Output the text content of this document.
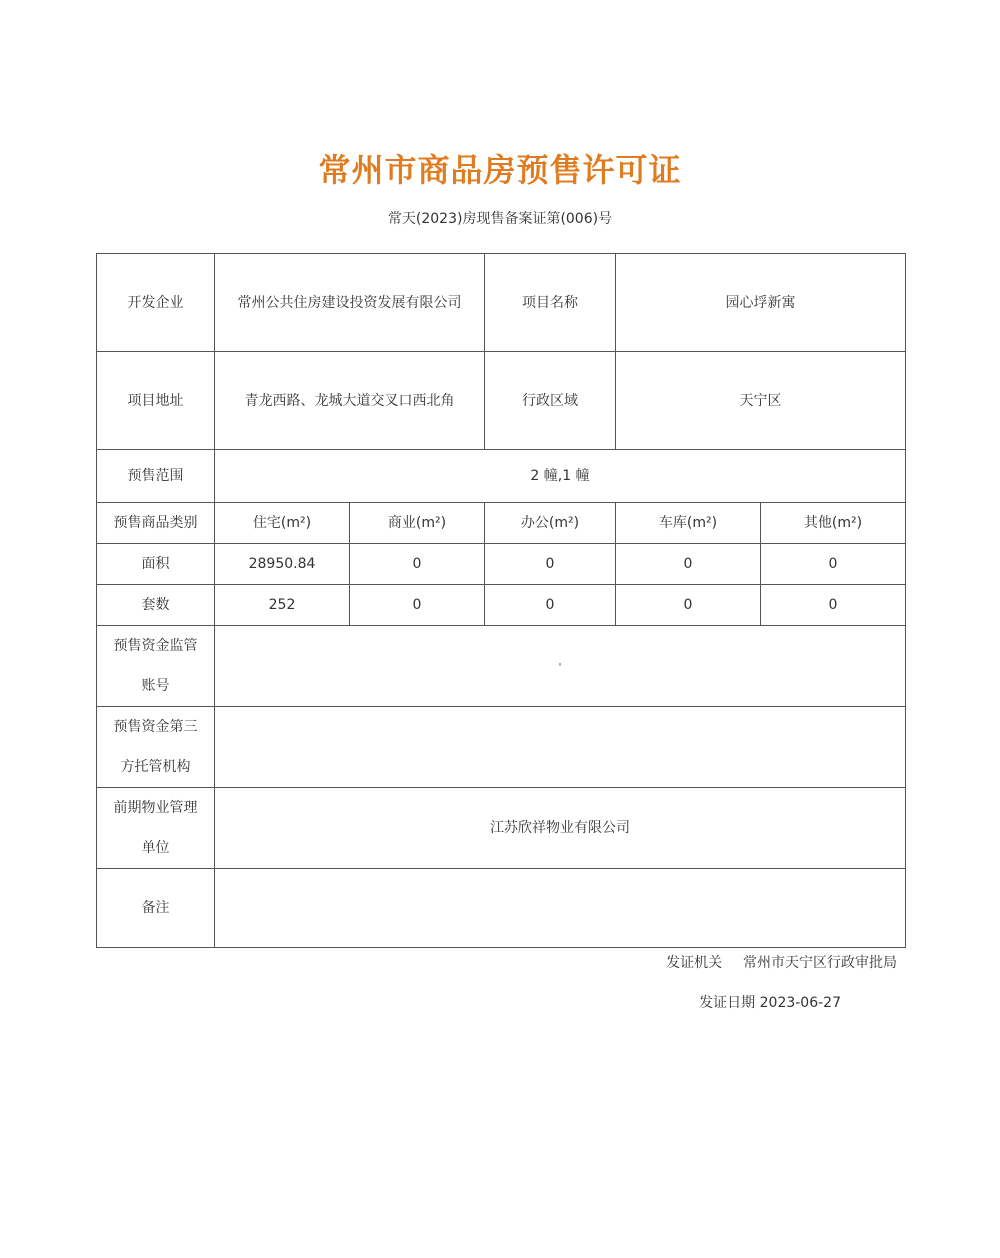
常州市商品房预售许可证
常天(2023)房现售备案证第(006)号
开发企业	常州公共住房建设投资发展有限公司		项目名称	园心垺新寓	
项目地址	青龙西路、龙城大道交叉口西北角		行政区域	天宁区	
预售范围	2 幢,1 幢				
预售商品类别	住宅(m²)	商业(m²)	办公(m²)	车库(m²)	其他(m²)
面积	28950.84	0	0	0	0
套数	252	0	0	0	0

预售资金监管
账号	'				

预售资金第三
方托管机构					

前期物业管理
单位	江苏欣祥物业有限公司				
备注					
发证机关 常州市天宁区行政审批局
发证日期 2023-06-27
